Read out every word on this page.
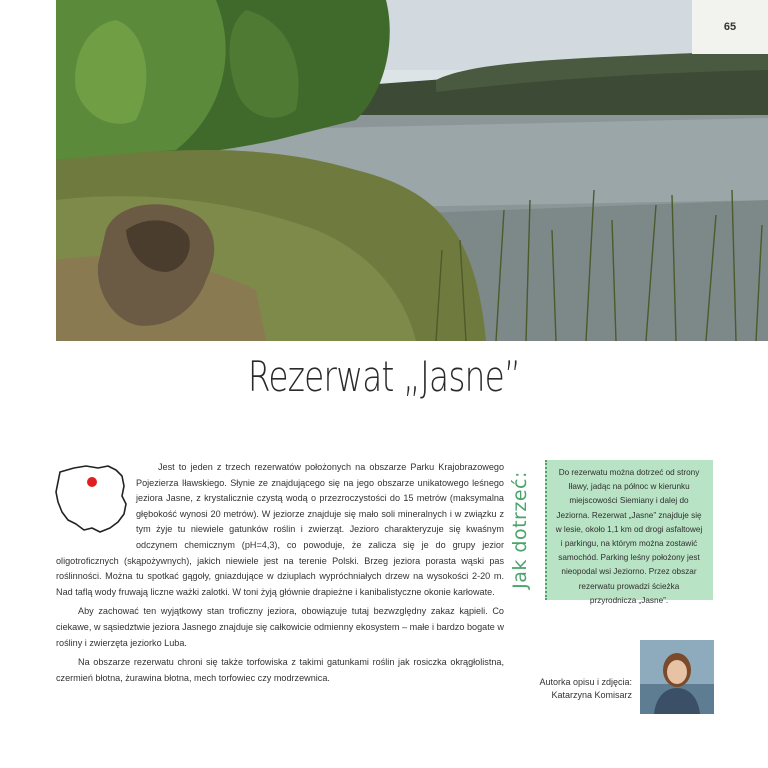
65
Rezerwat „Jasne”

Jest to jeden z trzech rezerwatów położonych na obszarze Parku Krajobrazowego Pojezierza Iławskiego. Słynie ze znajdującego się na jego obszarze unikatowego leśnego jeziora Jasne, z krystalicznie czystą wodą o przezroczystości do 15 metrów (maksymalna głębokość wynosi 20 metrów). W jeziorze znajduje się mało soli mineralnych i w związku z tym żyje tu niewiele gatunków roślin i zwierząt. Jezioro charakteryzuje się kwaśnym odczynem chemicznym (pH=4,3), co powoduje, że zalicza się je do grupy jezior oligotroficznych (skąpożywnych), jakich niewiele jest na terenie Polski. Brzeg jeziora porasta wąski pas roślinności. Można tu spotkać gągoły, gniazdujące w dziuplach wypróchniałych drzew na wysokości 2-20 m. Nad taflą wody fruwają liczne ważki zalotki. W toni żyją głównie drapieżne i kanibalistyczne okonie karłowate.

Aby zachować ten wyjątkowy stan troficzny jeziora, obowiązuje tutaj bezwzględny zakaz kąpieli. Co ciekawe, w sąsiedztwie jeziora Jasnego znajduje się całkowicie odmienny ekosystem – małe i bardzo bogate w rośliny i zwierzęta jeziorko Luba.

Na obszarze rezerwatu chroni się także torfowiska z takimi gatunkami roślin jak rosiczka okrągłolistna, czermień błotna, żurawina błotna, mech torfowiec czy modrzewnica.

Jak dotrzeć:	Do rezerwatu można dotrzeć od strony Iławy, jadąc na północ w kierunku miejscowości Siemiany i dalej do Jeziorna. Rezerwat „Jasne” znajduje się w lesie, około 1,1 km od drogi asfaltowej i parkingu, na którym można zostawić samochód. Parking leśny położony jest nieopodal wsi Jeziorno. Przez obszar rezerwatu prowadzi ścieżka przyrodnicza „Jasne”.
Autorka opisu i zdjęcia:
Katarzyna Komisarz
